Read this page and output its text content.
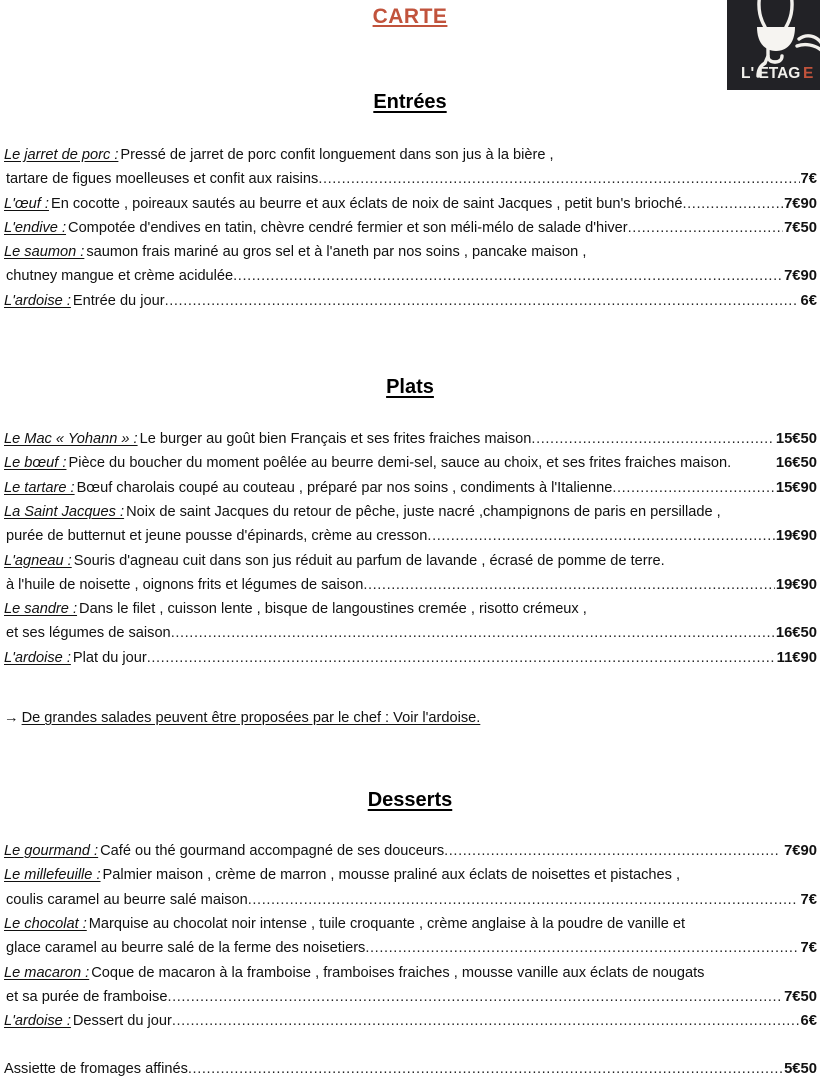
L' ÉTAG E
CARTE
Entrées
Le jarret de porc : Pressé de jarret de porc confit longuement dans son jus à la bière ,
tartare de figues moelleuses et confit aux raisins .....	7€
L'œuf : En cocotte , poireaux sautés au beurre et aux éclats de noix de saint Jacques , petit bun's brioché .....	7€90
L'endive : Compotée d'endives en tatin, chèvre cendré fermier et son méli-mélo de salade d'hiver .....	7€50
Le saumon : saumon frais mariné au gros sel et à l'aneth par nos soins , pancake maison ,
chutney mangue et crème acidulée .....	7€90
L'ardoise : Entrée du jour .....	6€
Plats
Le Mac « Yohann » : Le burger au goût bien Français et ses frites fraiches maison .....	15€50
Le bœuf : Pièce du boucher du moment poêlée au beurre demi-sel, sauce au choix, et ses frites fraiches maison.	16€50
Le tartare : Bœuf charolais coupé au couteau , préparé par nos soins , condiments à l'Italienne .....	15€90
La Saint Jacques : Noix de saint Jacques du retour de pêche, juste nacré ,champignons de paris en persillade ,
purée de butternut et jeune pousse d'épinards, crème au cresson .....	19€90
L'agneau : Souris d'agneau cuit dans son jus réduit au parfum de lavande , écrasé de pomme de terre.
à l'huile de noisette , oignons frits et légumes de saison .....	19€90
Le sandre : Dans le filet , cuisson lente , bisque de langoustines cremée , risotto crémeux ,
et ses légumes de saison .....	16€50
L'ardoise : Plat du jour .....	11€90
→ De grandes salades peuvent être proposées par le chef : Voir l'ardoise.
Desserts
Le gourmand : Café ou thé gourmand accompagné de ses douceurs .....	7€90
Le millefeuille : Palmier maison , crème de marron , mousse praliné aux éclats de noisettes et pistaches ,
coulis caramel au beurre salé maison .....	7€
Le chocolat : Marquise au chocolat noir intense , tuile croquante , crème anglaise à la poudre de vanille et
glace caramel au beurre salé de la ferme des noisetiers .....	7€
Le macaron : Coque de macaron à la framboise , framboises fraiches , mousse vanille aux éclats de nougats
et sa purée de framboise .....	7€50
L'ardoise : Dessert du jour .....	6€
Assiette de fromages affinés .....	5€50
